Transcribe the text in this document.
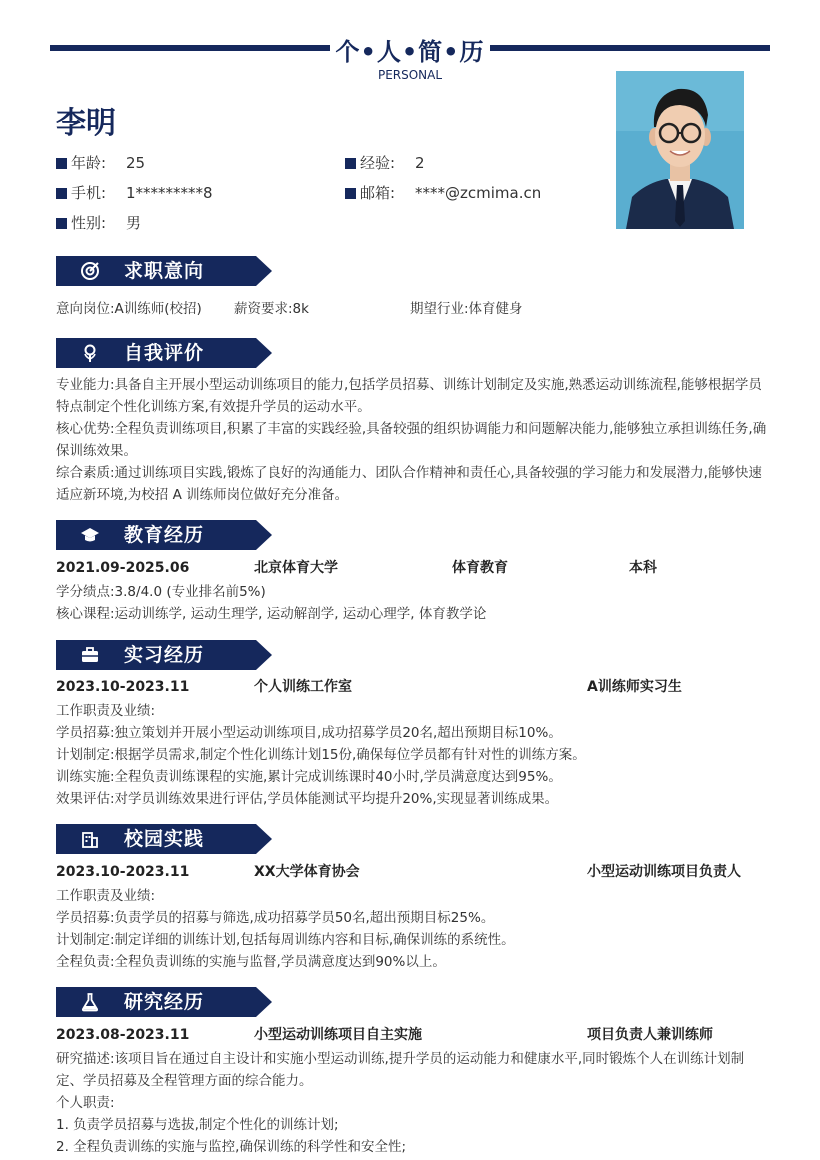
个•人•简•历
PERSONAL
李明
年龄: 25	经验: 2
手机: 1*********8	邮箱: ****@zcmima.cn
性别: 男
求职意向
意向岗位:A训练师(校招) 薪资要求:8k	期望行业:体育健身
自我评价
专业能力:具备自主开展小型运动训练项目的能力,包括学员招募、训练计划制定及实施,熟悉运动训练流程,能够根据学员特点制定个性化训练方案,有效提升学员的运动水平。
核心优势:全程负责训练项目,积累了丰富的实践经验,具备较强的组织协调能力和问题解决能力,能够独立承担训练任务,确保训练效果。
综合素质:通过训练项目实践,锻炼了良好的沟通能力、团队合作精神和责任心,具备较强的学习能力和发展潜力,能够快速适应新环境,为校招 A 训练师岗位做好充分准备。
教育经历
2021.09-2025.06	北京体育大学	体育教育	本科
学分绩点:3.8/4.0 (专业排名前5%)
核心课程:运动训练学, 运动生理学, 运动解剖学, 运动心理学, 体育教学论
实习经历
2023.10-2023.11	个人训练工作室	A训练师实习生
工作职责及业绩:
学员招募:独立策划并开展小型运动训练项目,成功招募学员20名,超出预期目标10%。
计划制定:根据学员需求,制定个性化训练计划15份,确保每位学员都有针对性的训练方案。
训练实施:全程负责训练课程的实施,累计完成训练课时40小时,学员满意度达到95%。
效果评估:对学员训练效果进行评估,学员体能测试平均提升20%,实现显著训练成果。
校园实践
2023.10-2023.11	XX大学体育协会	小型运动训练项目负责人
工作职责及业绩:
学员招募:负责学员的招募与筛选,成功招募学员50名,超出预期目标25%。
计划制定:制定详细的训练计划,包括每周训练内容和目标,确保训练的系统性。
全程负责:全程负责训练的实施与监督,学员满意度达到90%以上。
研究经历
2023.08-2023.11	小型运动训练项目自主实施	项目负责人兼训练师
研究描述:该项目旨在通过自主设计和实施小型运动训练,提升学员的运动能力和健康水平,同时锻炼个人在训练计划制定、学员招募及全程管理方面的综合能力。
个人职责:
1. 负责学员招募与选拔,制定个性化的训练计划;
2. 全程负责训练的实施与监控,确保训练的科学性和安全性;
